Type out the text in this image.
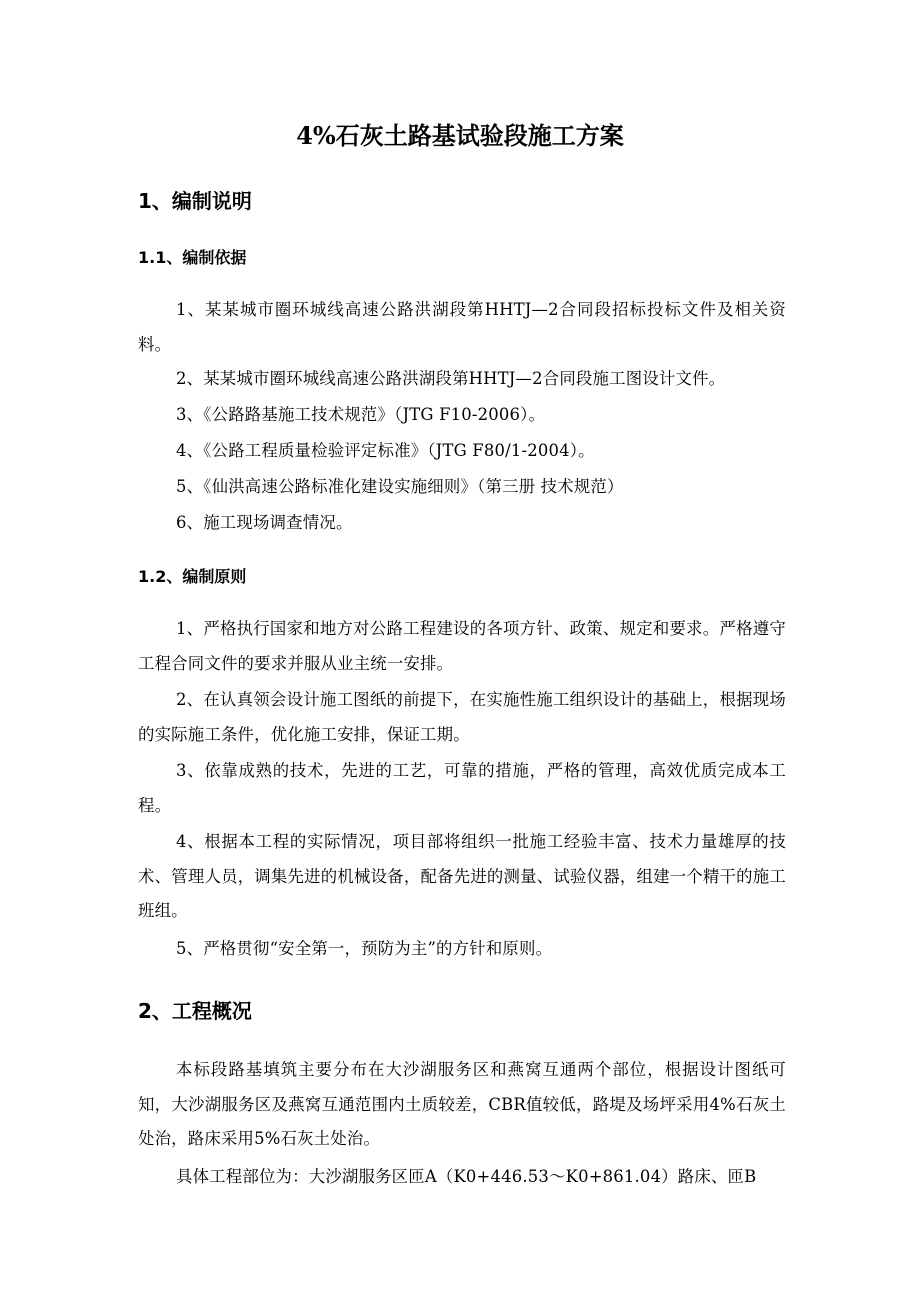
4%石灰土路基试验段施工方案
1、编制说明
1.1、编制依据

1、某某城市圈环城线高速公路洪湖段第HHTJ—2合同段招标投标文件及相关资料。

2、某某城市圈环城线高速公路洪湖段第HHTJ—2合同段施工图设计文件。

3、《公路路基施工技术规范》（JTG F10-2006）。

4、《公路工程质量检验评定标准》（JTG F80/1-2004）。

5、《仙洪高速公路标准化建设实施细则》（第三册 技术规范）

6、施工现场调查情况。

1.2、编制原则

1、严格执行国家和地方对公路工程建设的各项方针、政策、规定和要求。严格遵守工程合同文件的要求并服从业主统一安排。

2、在认真领会设计施工图纸的前提下，在实施性施工组织设计的基础上，根据现场的实际施工条件，优化施工安排，保证工期。

3、依靠成熟的技术，先进的工艺，可靠的措施，严格的管理，高效优质完成本工程。

4、根据本工程的实际情况，项目部将组织一批施工经验丰富、技术力量雄厚的技术、管理人员，调集先进的机械设备，配备先进的测量、试验仪器，组建一个精干的施工班组。

5、严格贯彻“安全第一，预防为主”的方针和原则。

2、工程概况

本标段路基填筑主要分布在大沙湖服务区和燕窝互通两个部位，根据设计图纸可知，大沙湖服务区及燕窝互通范围内土质较差，CBR值较低，路堤及场坪采用4%石灰土处治，路床采用5%石灰土处治。

具体工程部位为：大沙湖服务区匝A（K0+446.53～K0+861.04）路床、匝B
